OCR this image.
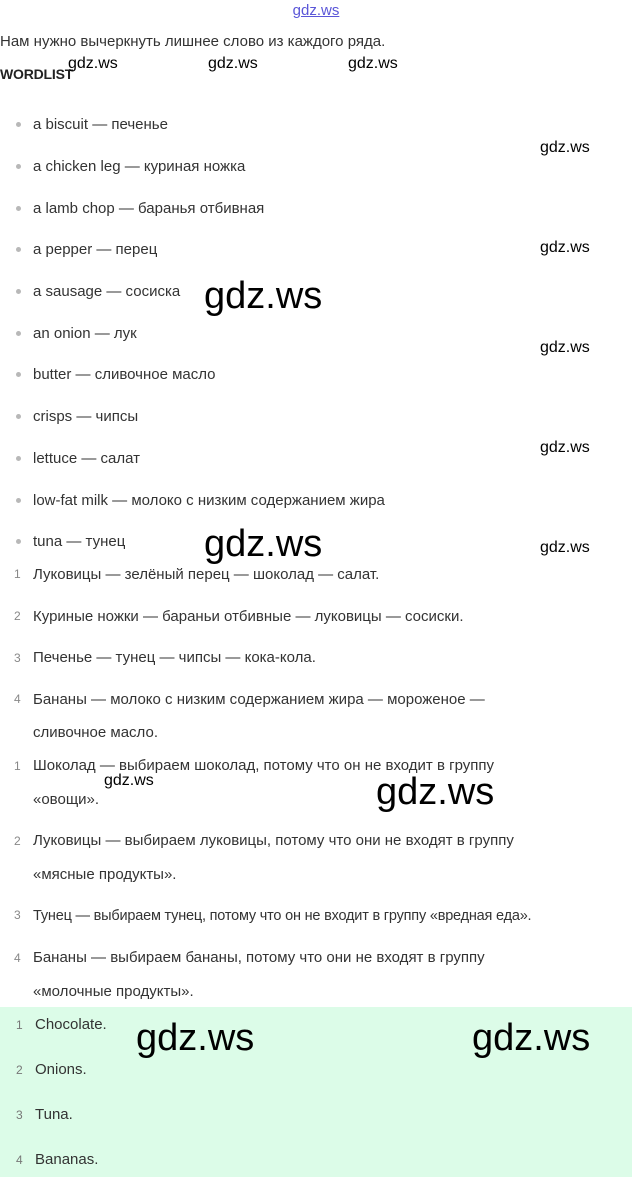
gdz.ws
Нам нужно вычеркнуть лишнее слово из каждого ряда.
WORDLIST
gdz.ws	gdz.ws	gdz.ws
gdz.ws
gdz.ws
gdz.ws
gdz.ws
gdz.ws
gdz.ws
a biscuit — печенье
a chicken leg — куриная ножка
a lamb chop — баранья отбивная
a pepper — перец
a sausage — сосиска
an onion — лук
butter — сливочное масло
crisps — чипсы
lettuce — салат
low-fat milk — молоко с низким содержанием жира
tuna — тунец
1 Луковицы — зелёный перец — шоколад — салат.
2 Куриные ножки — бараньи отбивные — луковицы — сосиски.
3 Печенье — тунец — чипсы — кока-кола.
4 Бананы — молоко с низким содержанием жира — мороженое —
сливочное масло.
1 Шоколад — выбираем шоколад, потому что он не входит в группу
«овощи».
2 Луковицы — выбираем луковицы, потому что они не входят в группу
«мясные продукты».
3 Тунец — выбираем тунец, потому что он не входит в группу «вредная еда».
4 Бананы — выбираем бананы, потому что они не входят в группу
«молочные продукты».
1 Chocolate.
2 Onions.
3 Tuna.
4 Bananas.
gdz.ws
gdz.ws
gdz.ws
gdz.ws	gdz.ws
